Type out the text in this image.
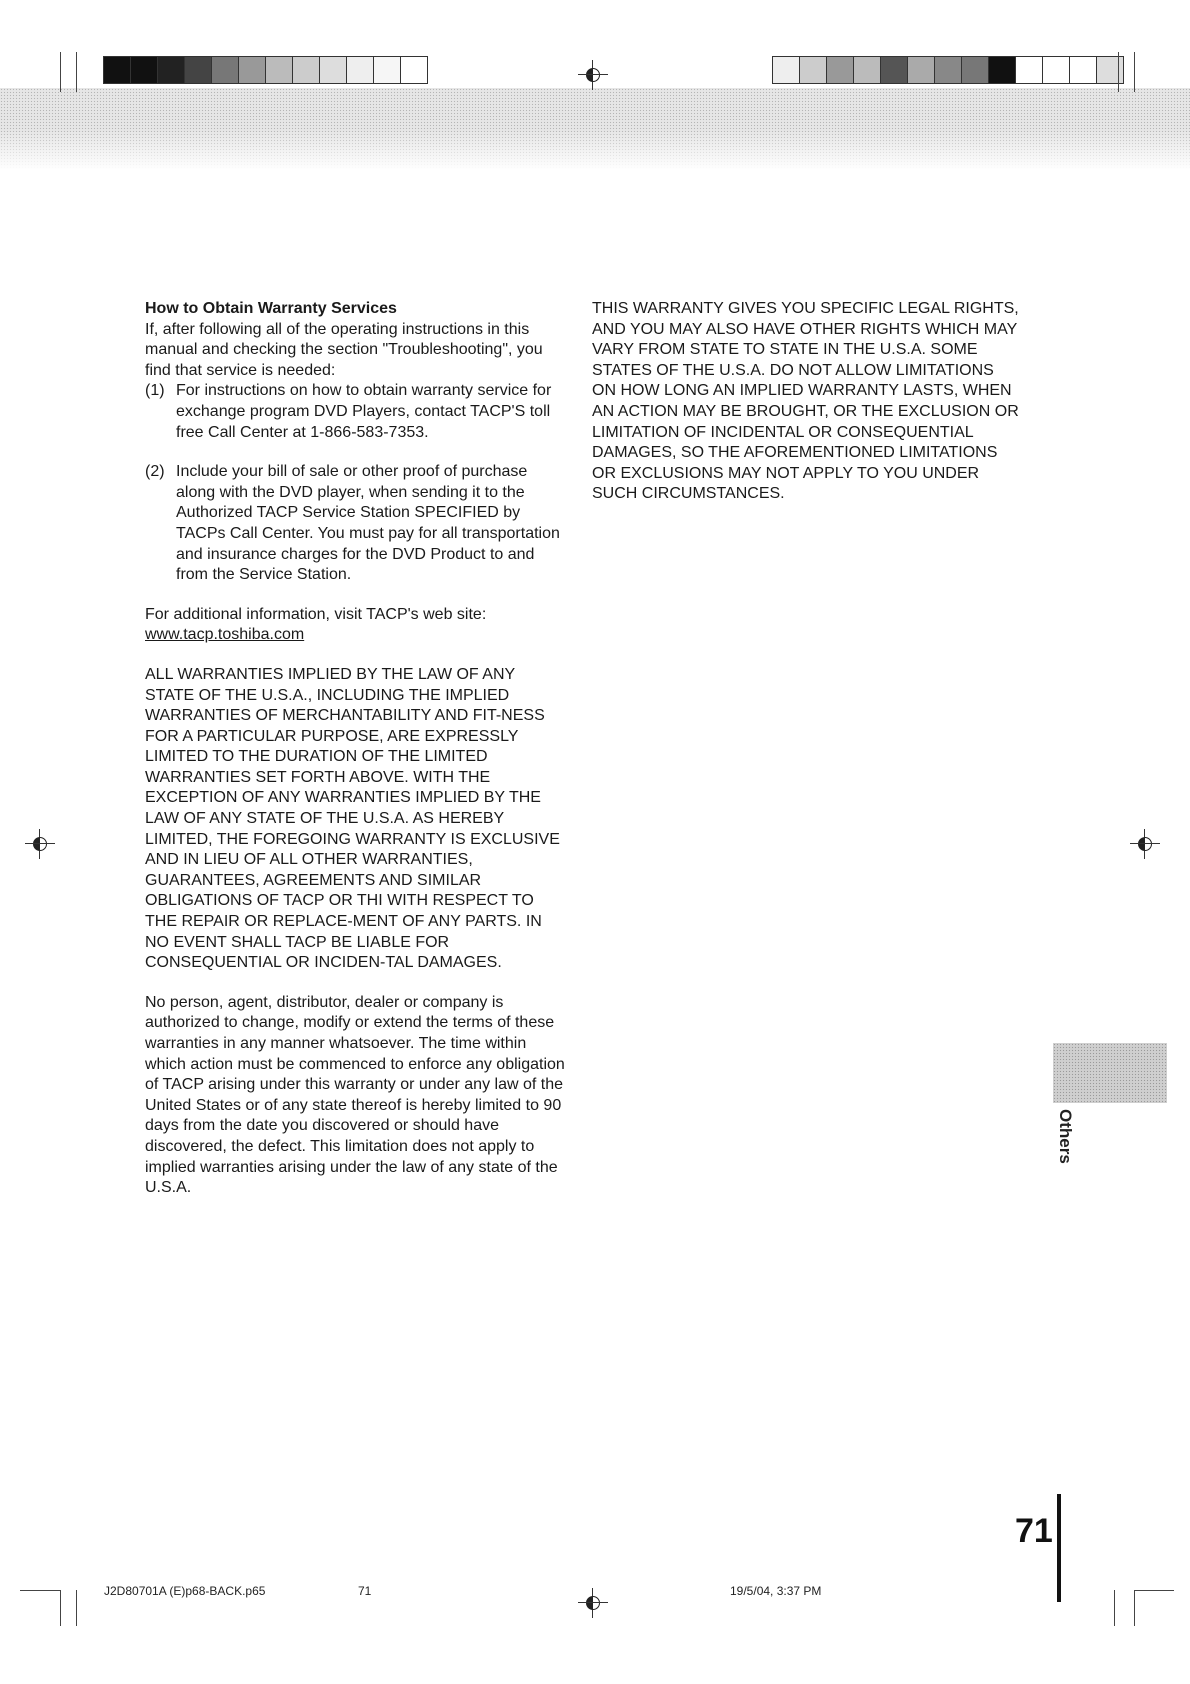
How to Obtain Warranty Services

If, after following all of the operating instructions in this manual and checking the section "Troubleshooting", you find that service is needed:

(1) For instructions on how to obtain warranty service for exchange program DVD Players, contact TACP'S toll free Call Center at 1-866-583-7353.
(2) Include your bill of sale or other proof of purchase along with the DVD player, when sending it to the Authorized TACP Service Station SPECIFIED by TACPs Call Center. You must pay for all transportation and insurance charges for the DVD Product to and from the Service Station.

For additional information, visit TACP's web site:

www.tacp.toshiba.com

ALL WARRANTIES IMPLIED BY THE LAW OF ANY STATE OF THE U.S.A., INCLUDING THE IMPLIED WARRANTIES OF MERCHANTABILITY AND FIT-NESS FOR A PARTICULAR PURPOSE, ARE EXPRESSLY LIMITED TO THE DURATION OF THE LIMITED WARRANTIES SET FORTH ABOVE. WITH THE EXCEPTION OF ANY WARRANTIES IMPLIED BY THE LAW OF ANY STATE OF THE U.S.A. AS HEREBY LIMITED, THE FOREGOING WARRANTY IS EXCLUSIVE AND IN LIEU OF ALL OTHER WARRANTIES, GUARANTEES, AGREEMENTS AND SIMILAR OBLIGATIONS OF TACP OR THI WITH RESPECT TO THE REPAIR OR REPLACE-MENT OF ANY PARTS. IN NO EVENT SHALL TACP BE LIABLE FOR CONSEQUENTIAL OR INCIDEN-TAL DAMAGES.

No person, agent, distributor, dealer or company is authorized to change, modify or extend the terms of these warranties in any manner whatsoever. The time within which action must be commenced to enforce any obligation of TACP arising under this warranty or under any law of the United States or of any state thereof is hereby limited to 90 days from the date you discovered or should have discovered, the defect. This limitation does not apply to implied warranties arising under the law of any state of the U.S.A.

THIS WARRANTY GIVES YOU SPECIFIC LEGAL RIGHTS, AND YOU MAY ALSO HAVE OTHER RIGHTS WHICH MAY VARY FROM STATE TO STATE IN THE U.S.A. SOME STATES OF THE U.S.A. DO NOT ALLOW LIMITATIONS ON HOW LONG AN IMPLIED WARRANTY LASTS, WHEN AN ACTION MAY BE BROUGHT, OR THE EXCLUSION OR LIMITATION OF INCIDENTAL OR CONSEQUENTIAL DAMAGES, SO THE AFOREMENTIONED LIMITATIONS OR EXCLUSIONS MAY NOT APPLY TO YOU UNDER SUCH CIRCUMSTANCES.

Others
71
J2D80701A (E)p68-BACK.p65	71	19/5/04, 3:37 PM
